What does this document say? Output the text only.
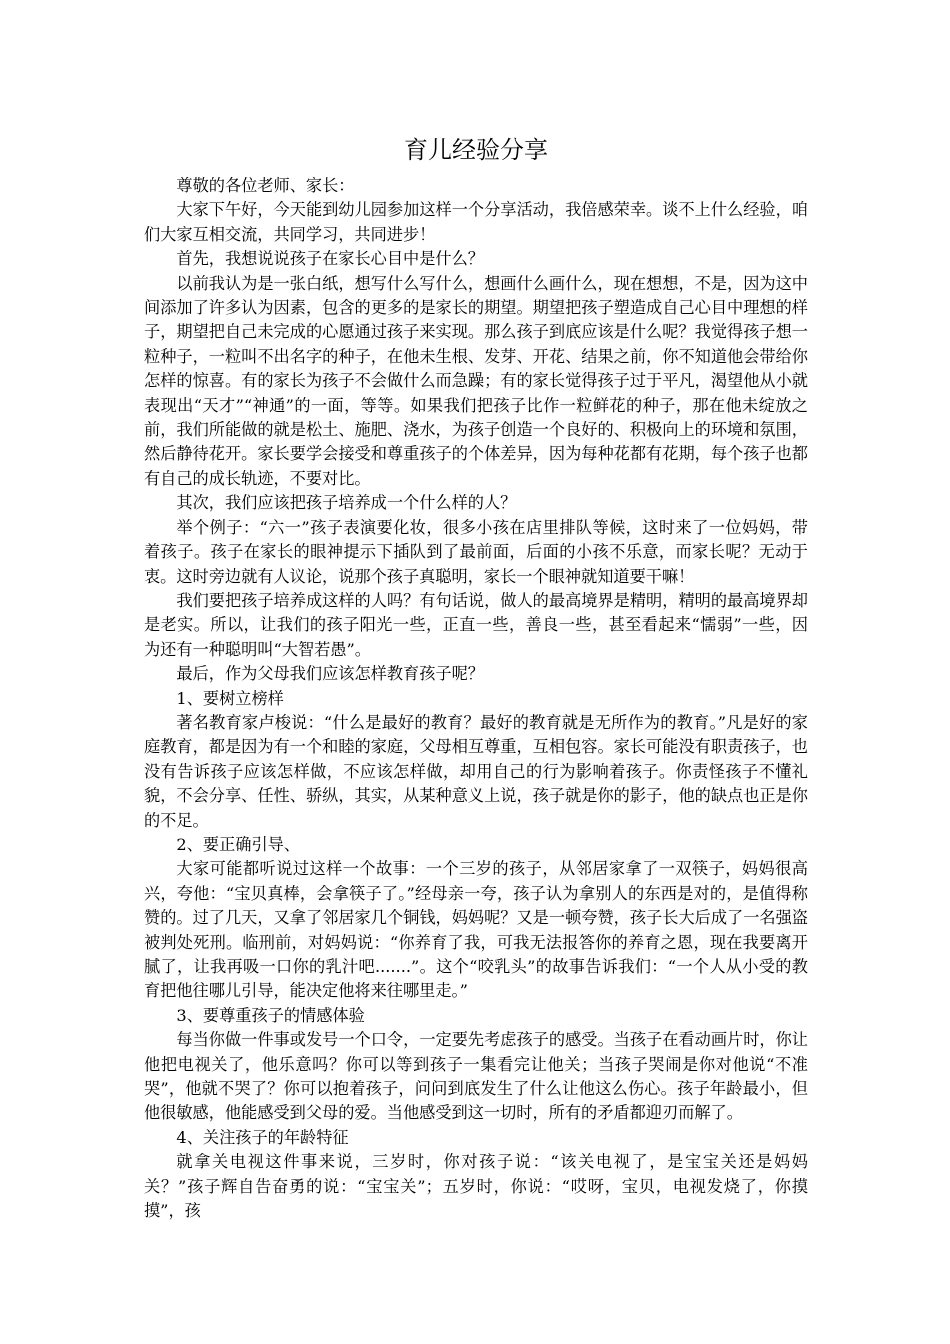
育儿经验分享

尊敬的各位老师、家长：

大家下午好，今天能到幼儿园参加这样一个分享活动，我倍感荣幸。谈不上什么经验，咱们大家互相交流，共同学习，共同进步！

首先，我想说说孩子在家长心目中是什么？

以前我认为是一张白纸，想写什么写什么，想画什么画什么，现在想想，不是，因为这中间添加了许多认为因素，包含的更多的是家长的期望。期望把孩子塑造成自己心目中理想的样子，期望把自己未完成的心愿通过孩子来实现。那么孩子到底应该是什么呢？我觉得孩子想一粒种子，一粒叫不出名字的种子，在他未生根、发芽、开花、结果之前，你不知道他会带给你怎样的惊喜。有的家长为孩子不会做什么而急躁；有的家长觉得孩子过于平凡，渴望他从小就表现出“天才”“神通”的一面，等等。如果我们把孩子比作一粒鲜花的种子，那在他未绽放之前，我们所能做的就是松土、施肥、浇水，为孩子创造一个良好的、积极向上的环境和氛围，然后静待花开。家长要学会接受和尊重孩子的个体差异，因为每种花都有花期，每个孩子也都有自己的成长轨迹，不要对比。

其次，我们应该把孩子培养成一个什么样的人？

举个例子：“六一”孩子表演要化妆，很多小孩在店里排队等候，这时来了一位妈妈，带着孩子。孩子在家长的眼神提示下插队到了最前面，后面的小孩不乐意，而家长呢？无动于衷。这时旁边就有人议论，说那个孩子真聪明，家长一个眼神就知道要干嘛！

我们要把孩子培养成这样的人吗？有句话说，做人的最高境界是精明，精明的最高境界却是老实。所以，让我们的孩子阳光一些，正直一些，善良一些，甚至看起来“懦弱”一些，因为还有一种聪明叫“大智若愚”。

最后，作为父母我们应该怎样教育孩子呢？

1、要树立榜样

著名教育家卢梭说：“什么是最好的教育？最好的教育就是无所作为的教育。”凡是好的家庭教育，都是因为有一个和睦的家庭，父母相互尊重，互相包容。家长可能没有职责孩子，也没有告诉孩子应该怎样做，不应该怎样做，却用自己的行为影响着孩子。你责怪孩子不懂礼貌，不会分享、任性、骄纵，其实，从某种意义上说，孩子就是你的影子，他的缺点也正是你的不足。

2、要正确引导、

大家可能都听说过这样一个故事：一个三岁的孩子，从邻居家拿了一双筷子，妈妈很高兴，夸他：“宝贝真棒，会拿筷子了。”经母亲一夸，孩子认为拿别人的东西是对的，是值得称赞的。过了几天，又拿了邻居家几个铜钱，妈妈呢？又是一顿夸赞，孩子长大后成了一名强盗被判处死刑。临刑前，对妈妈说：“你养育了我，可我无法报答你的养育之恩，现在我要离开腻了，让我再吸一口你的乳汁吧.......”。这个“咬乳头”的故事告诉我们：“一个人从小受的教育把他往哪儿引导，能决定他将来往哪里走。”

3、要尊重孩子的情感体验

每当你做一件事或发号一个口令，一定要先考虑孩子的感受。当孩子在看动画片时，你让他把电视关了，他乐意吗？你可以等到孩子一集看完让他关；当孩子哭闹是你对他说“不准哭”，他就不哭了？你可以抱着孩子，问问到底发生了什么让他这么伤心。孩子年龄最小，但他很敏感，他能感受到父母的爱。当他感受到这一切时，所有的矛盾都迎刃而解了。

4、关注孩子的年龄特征

就拿关电视这件事来说，三岁时，你对孩子说：“该关电视了，是宝宝关还是妈妈关？”孩子辉自告奋勇的说：“宝宝关”；五岁时，你说：“哎呀，宝贝，电视发烧了，你摸摸”，孩
